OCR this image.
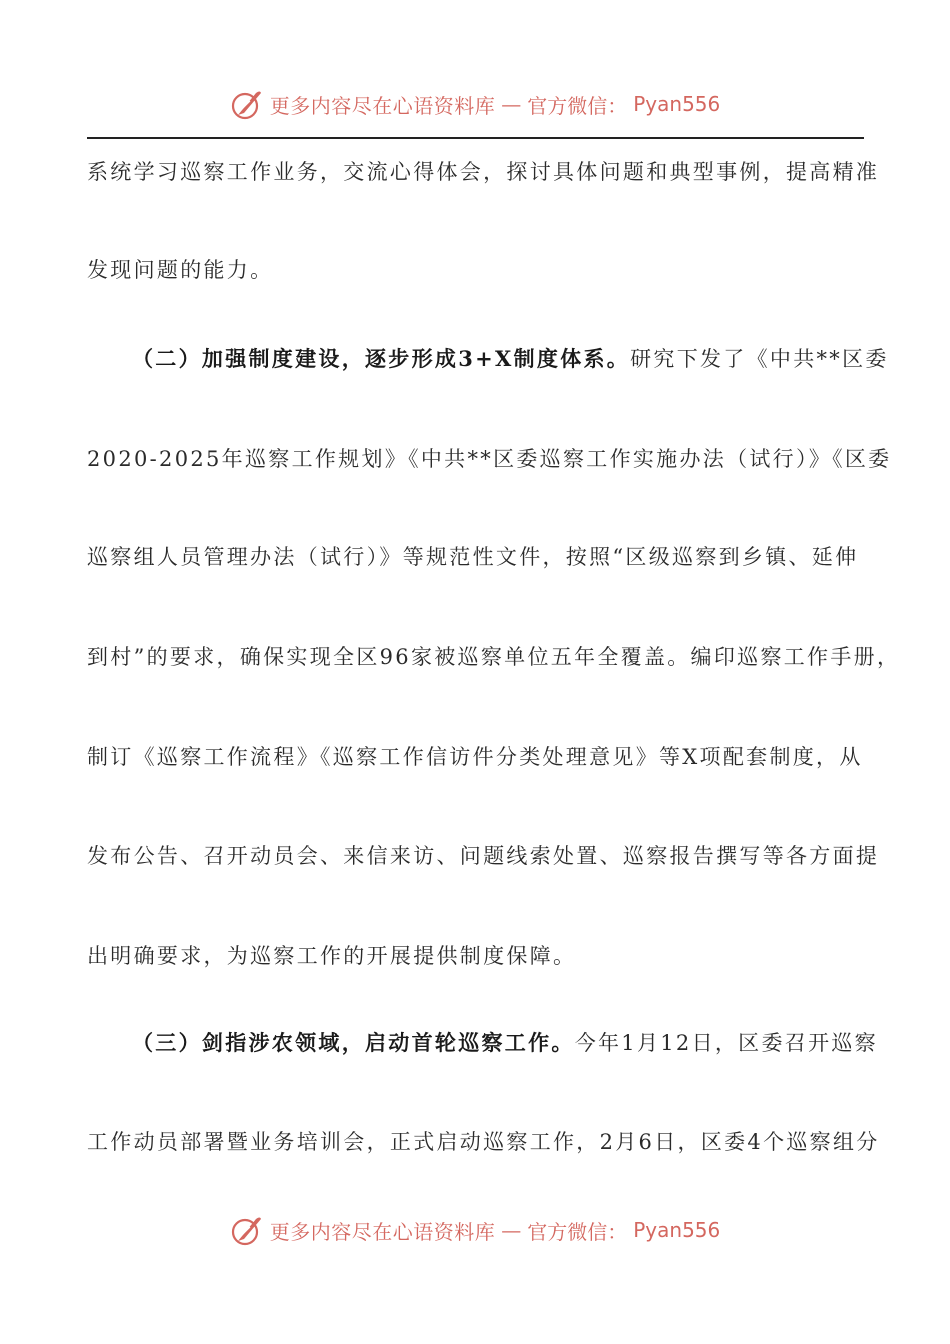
更多内容尽在心语资料库 — 官方微信： Pyan556
系统学习巡察工作业务，交流心得体会，探讨具体问题和典型事例，提高精准
发现问题的能力。
（二）加强制度建设，逐步形成3+X制度体系。研究下发了《中共**区委
2020-2025年巡察工作规划》《中共**区委巡察工作实施办法（试行）》《区委
巡察组人员管理办法（试行）》等规范性文件，按照“区级巡察到乡镇、延伸
到村”的要求，确保实现全区96家被巡察单位五年全覆盖。编印巡察工作手册，
制订《巡察工作流程》《巡察工作信访件分类处理意见》等X项配套制度，从
发布公告、召开动员会、来信来访、问题线索处置、巡察报告撰写等各方面提
出明确要求，为巡察工作的开展提供制度保障。
（三）剑指涉农领域，启动首轮巡察工作。今年1月12日，区委召开巡察
工作动员部署暨业务培训会，正式启动巡察工作，2月6日，区委4个巡察组分
更多内容尽在心语资料库 — 官方微信： Pyan556
